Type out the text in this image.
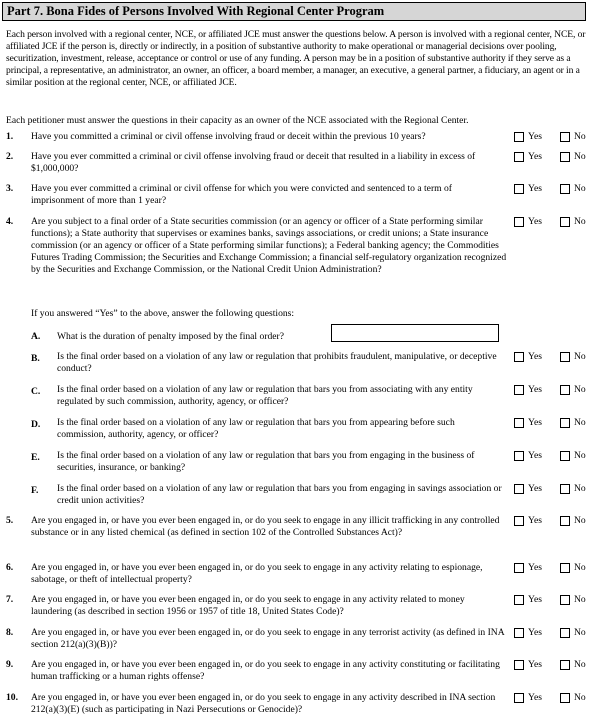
Part 7. Bona Fides of Persons Involved With Regional Center Program
Each person involved with a regional center, NCE, or affiliated JCE must answer the questions below. A person is involved with a regional center, NCE, or affiliated JCE if the person is, directly or indirectly, in a position of substantive authority to make operational or managerial decisions over pooling, securitization, investment, release, acceptance or control or use of any funding. A person may be in a position of substantive authority if they serve as a principal, a representative, an administrator, an owner, an officer, a board member, a manager, an executive, a general partner, a fiduciary, an agent or in a similar position at the regional center, NCE, or affiliated JCE.
Each petitioner must answer the questions in their capacity as an owner of the NCE associated with the Regional Center.
1. Have you committed a criminal or civil offense involving fraud or deceit within the previous 10 years?	Yes	No
2. Have you ever committed a criminal or civil offense involving fraud or deceit that resulted in a liability in excess of $1,000,000?
Yes	No
3. Have you ever committed a criminal or civil offense for which you were convicted and sentenced to a term of imprisonment of more than 1 year?
Yes	No
4. Are you subject to a final order of a State securities commission (or an agency or officer of a State performing similar functions); a State authority that supervises or examines banks, savings associations, or credit unions; a State insurance commission (or an agency or officer of a State performing similar functions); a Federal banking agency; the Commodities Futures Trading Commission; the Securities and Exchange Commission; a financial self-regulatory organization recognized by the Securities and Exchange Commission, or the National Credit Union Administration?
Yes	No
If you answered “Yes” to the above, answer the following questions:
A. What is the duration of penalty imposed by the final order?
B. Is the final order based on a violation of any law or regulation that prohibits fraudulent, manipulative, or deceptive conduct?
Yes	No
C. Is the final order based on a violation of any law or regulation that bars you from associating with any entity regulated by such commission, authority, agency, or officer?
Yes	No
D. Is the final order based on a violation of any law or regulation that bars you from appearing before such commission, authority, agency, or officer?
Yes	No
E. Is the final order based on a violation of any law or regulation that bars you from engaging in the business of securities, insurance, or banking?
Yes	No
F. Is the final order based on a violation of any law or regulation that bars you from engaging in savings association or credit union activities?
Yes	No
5. Are you engaged in, or have you ever been engaged in, or do you seek to engage in any illicit trafficking in any controlled substance or in any listed chemical (as defined in section 102 of the Controlled Substances Act)?
Yes	No
6. Are you engaged in, or have you ever been engaged in, or do you seek to engage in any activity relating to espionage, sabotage, or theft of intellectual property?
Yes	No
7. Are you engaged in, or have you ever been engaged in, or do you seek to engage in any activity related to money laundering (as described in section 1956 or 1957 of title 18, United States Code)?
Yes	No
8. Are you engaged in, or have you ever been engaged in, or do you seek to engage in any terrorist activity (as defined in INA section 212(a)(3)(B))?
Yes	No
9. Are you engaged in, or have you ever been engaged in, or do you seek to engage in any activity constituting or facilitating human trafficking or a human rights offense?
Yes	No
10. Are you engaged in, or have you ever been engaged in, or do you seek to engage in any activity described in INA section 212(a)(3)(E) (such as participating in Nazi Persecutions or Genocide)?
Yes	No
